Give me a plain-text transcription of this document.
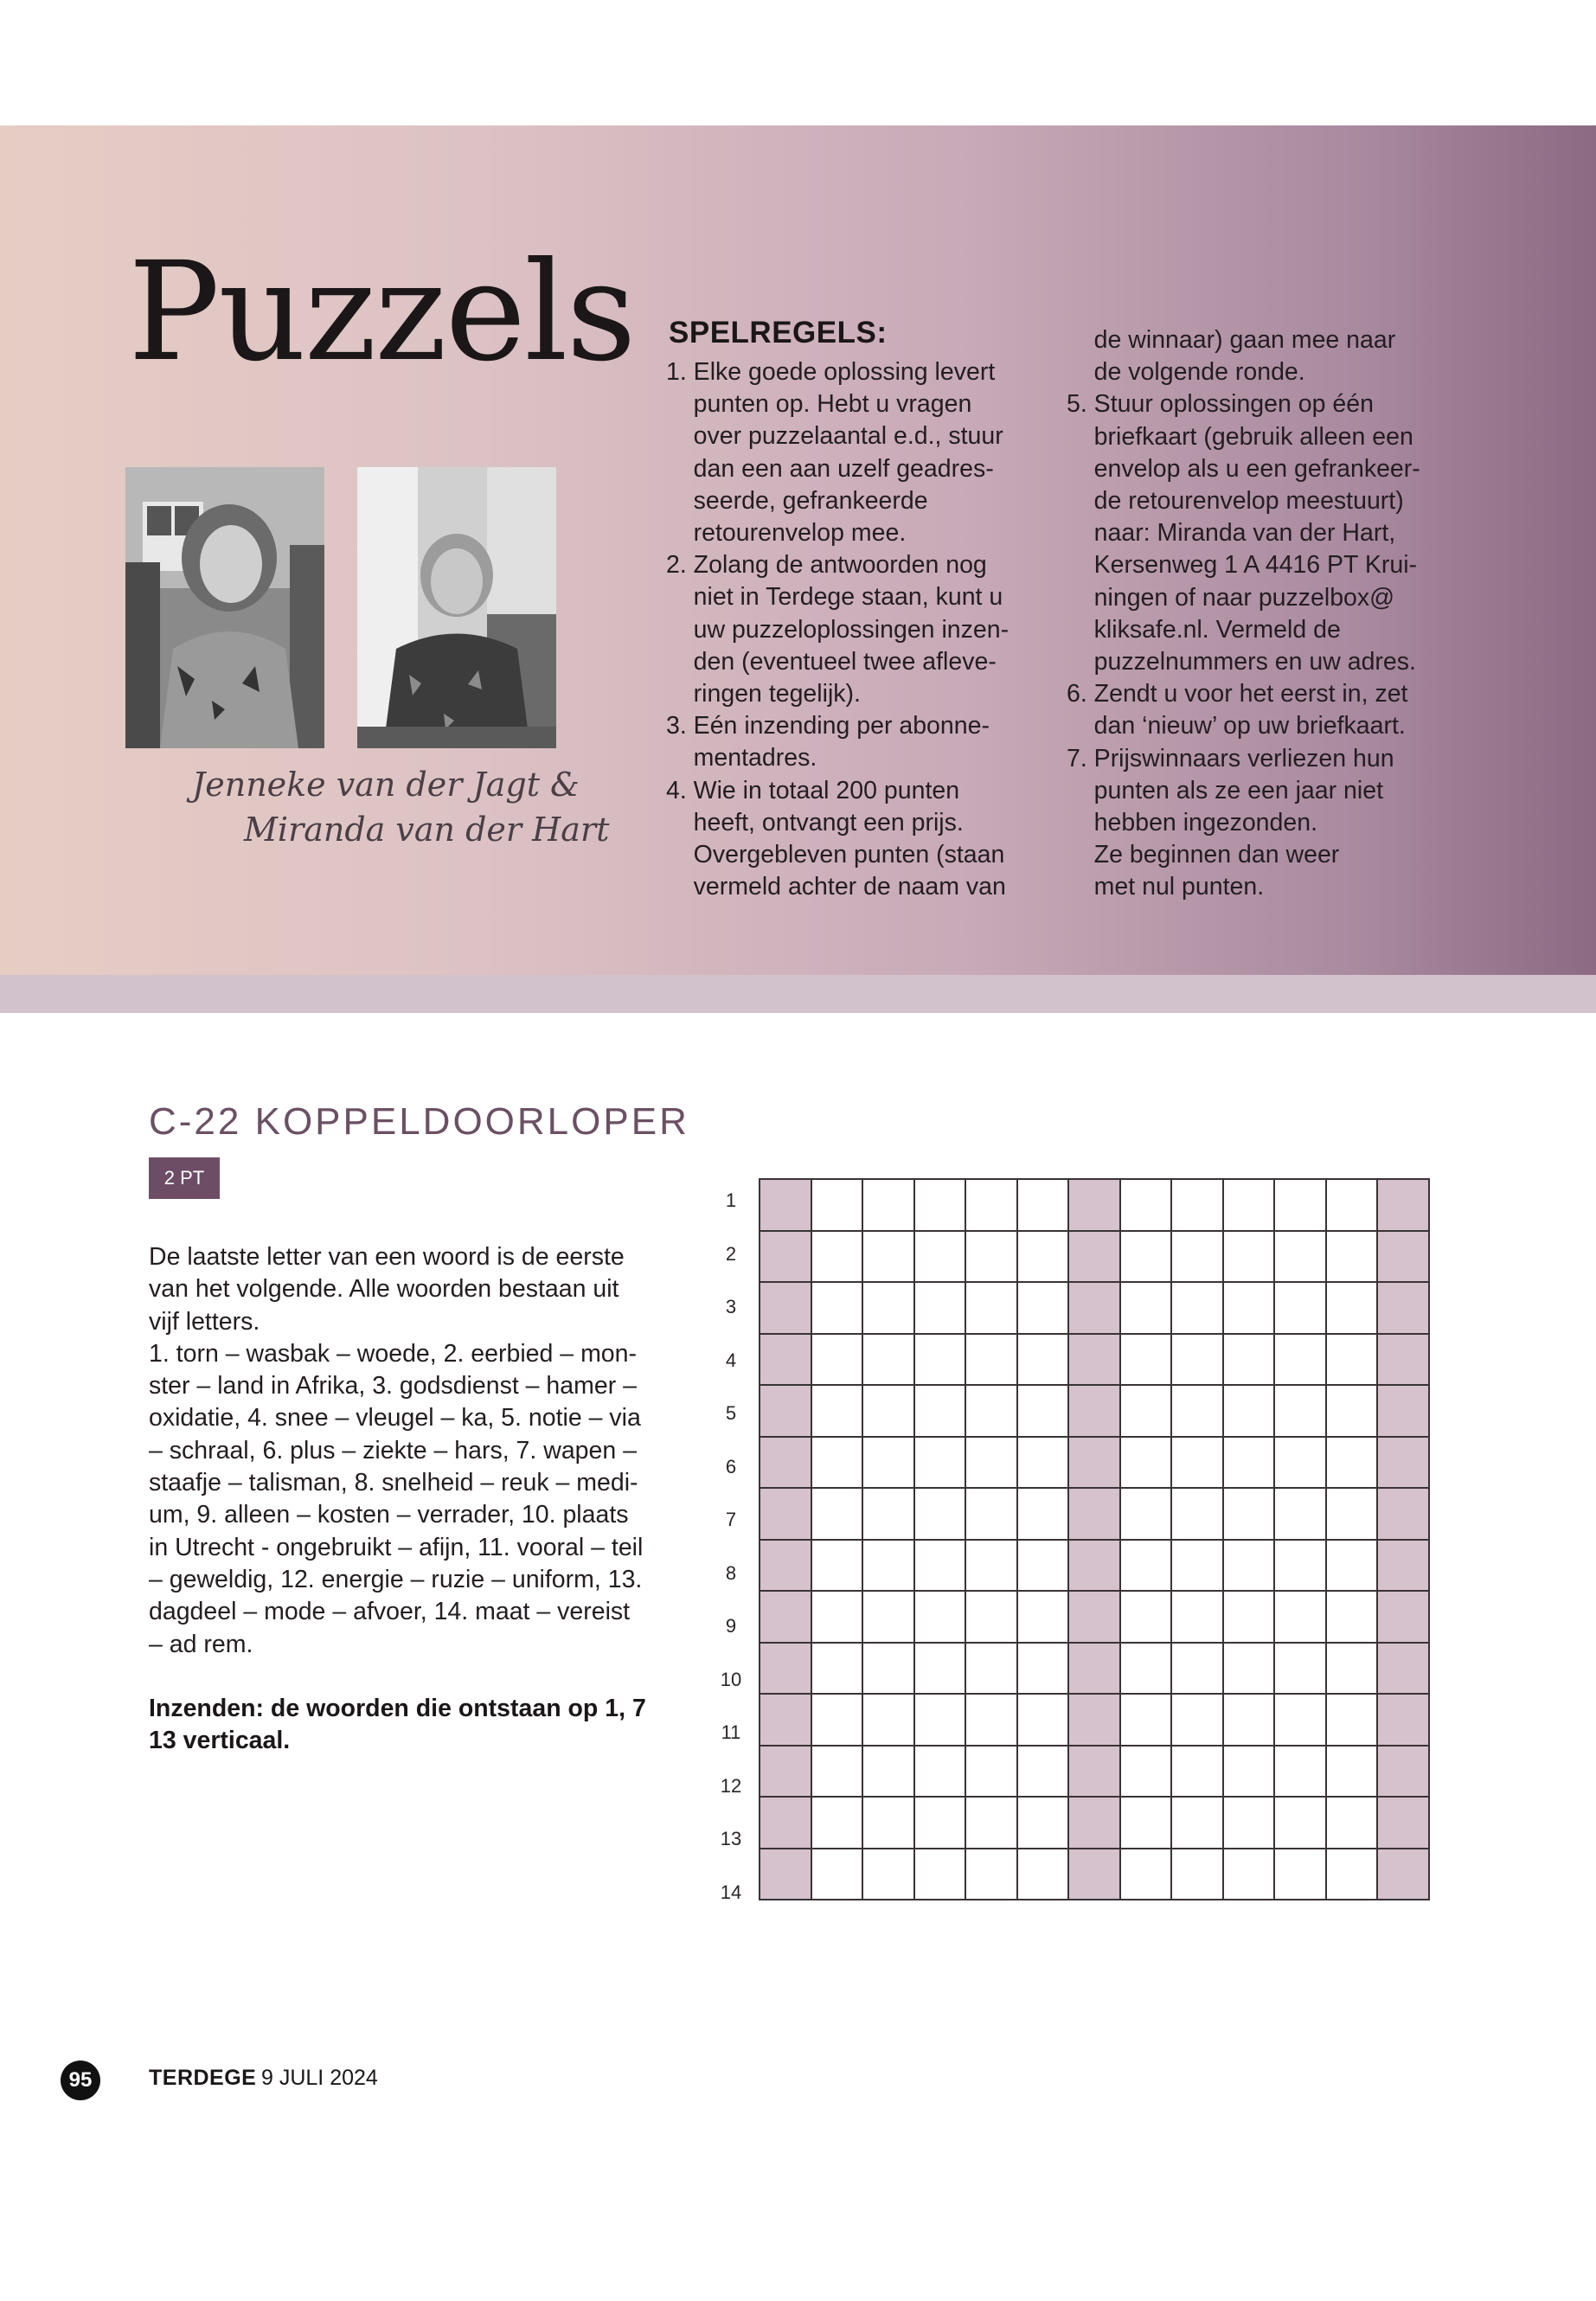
Puzzels
Jenneke van der Jagt &
Miranda van der Hart
SPELREGELS:
1. Elke goede oplossing levert
punten op. Hebt u vragen
over puzzelaantal e.d., stuur
dan een aan uzelf geadres-
seerde, gefrankeerde
retourenvelop mee.
2. Zolang de antwoorden nog
niet in Terdege staan, kunt u
uw puzzeloplossingen inzen-
den (eventueel twee afleve-
ringen tegelijk).
3. Eén inzending per abonne-
mentadres.
4. Wie in totaal 200 punten
heeft, ontvangt een prijs.
Overgebleven punten (staan
vermeld achter de naam van
de winnaar) gaan mee naar
de volgende ronde.
5. Stuur oplossingen op één
briefkaart (gebruik alleen een
envelop als u een gefrankeer-
de retourenvelop meestuurt)
naar: Miranda van der Hart,
Kersenweg 1 A 4416 PT Krui-
ningen of naar puzzelbox@
kliksafe.nl. Vermeld de
puzzelnummers en uw adres.
6. Zendt u voor het eerst in, zet
dan ‘nieuw’ op uw briefkaart.
7. Prijswinnaars verliezen hun
punten als ze een jaar niet
hebben ingezonden.
Ze beginnen dan weer
met nul punten.
C-22 KOPPELDOORLOPER
2 PT
De laatste letter van een woord is de eerste
van het volgende. Alle woorden bestaan uit
vijf letters.
1. torn – wasbak – woede, 2. eerbied – mon-
ster – land in Afrika, 3. godsdienst – hamer –
oxidatie, 4. snee – vleugel – ka, 5. notie – via
– schraal, 6. plus – ziekte – hars, 7. wapen –
staafje – talisman, 8. snelheid – reuk – medi-
um, 9. alleen – kosten – verrader, 10. plaats
in Utrecht - ongebruikt – afijn, 11. vooral – teil
– geweldig, 12. energie – ruzie – uniform, 13.
dagdeel – mode – afvoer, 14. maat – vereist
– ad rem.
Inzenden: de woorden die ontstaan op 1, 7
13 verticaal.
1
2
3
4
5
6
7
8
9
10
11
12
13
14

95	TERDEGE 9 JULI 2024
